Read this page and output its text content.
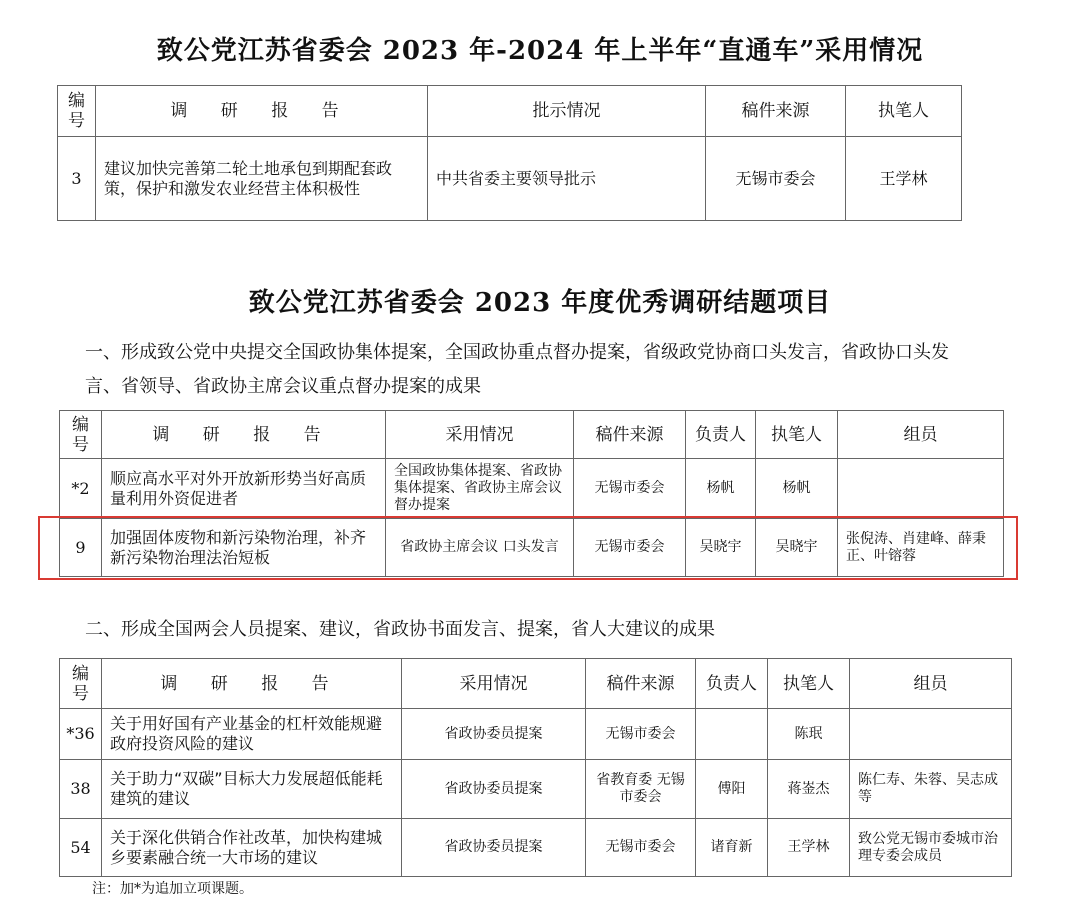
致公党江苏省委会 2023 年-2024 年上半年“直通车”采用情况
编号	调 研 报 告	批示情况	稿件来源	执笔人
3	建议加快完善第二轮土地承包到期配套政策，保护和激发农业经营主体积极性	中共省委主要领导批示	无锡市委会	王学林
致公党江苏省委会 2023 年度优秀调研结题项目

一、形成致公党中央提交全国政协集体提案，全国政协重点督办提案，省级政党协商口头发言，省政协口头发言、省领导、省政协主席会议重点督办提案的成果

编号	调 研 报 告	采用情况	稿件来源	负责人	执笔人	组员
*2	顺应高水平对外开放新形势当好高质量利用外资促进者	全国政协集体提案、省政协集体提案、省政协主席会议督办提案	无锡市委会	杨帆	杨帆	
9	加强固体废物和新污染物治理，补齐新污染物治理法治短板	省政协主席会议 口头发言	无锡市委会	吴晓宇	吴晓宇	张倪涛、肖建峰、薛秉正、叶镕蓉

二、形成全国两会人员提案、建议，省政协书面发言、提案，省人大建议的成果

编号	调 研 报 告	采用情况	稿件来源	负责人	执笔人	组员
*36	关于用好国有产业基金的杠杆效能规避政府投资风险的建议	省政协委员提案	无锡市委会		陈珉	
38	关于助力“双碳”目标大力发展超低能耗建筑的建议	省政协委员提案	省教育委 无锡市委会	傅阳	蒋崟杰	陈仁寿、朱蓉、吴志成等
54	关于深化供销合作社改革，加快构建城乡要素融合统一大市场的建议	省政协委员提案	无锡市委会	诸育新	王学林	致公党无锡市委城市治理专委会成员

注：加*为追加立项课题。
